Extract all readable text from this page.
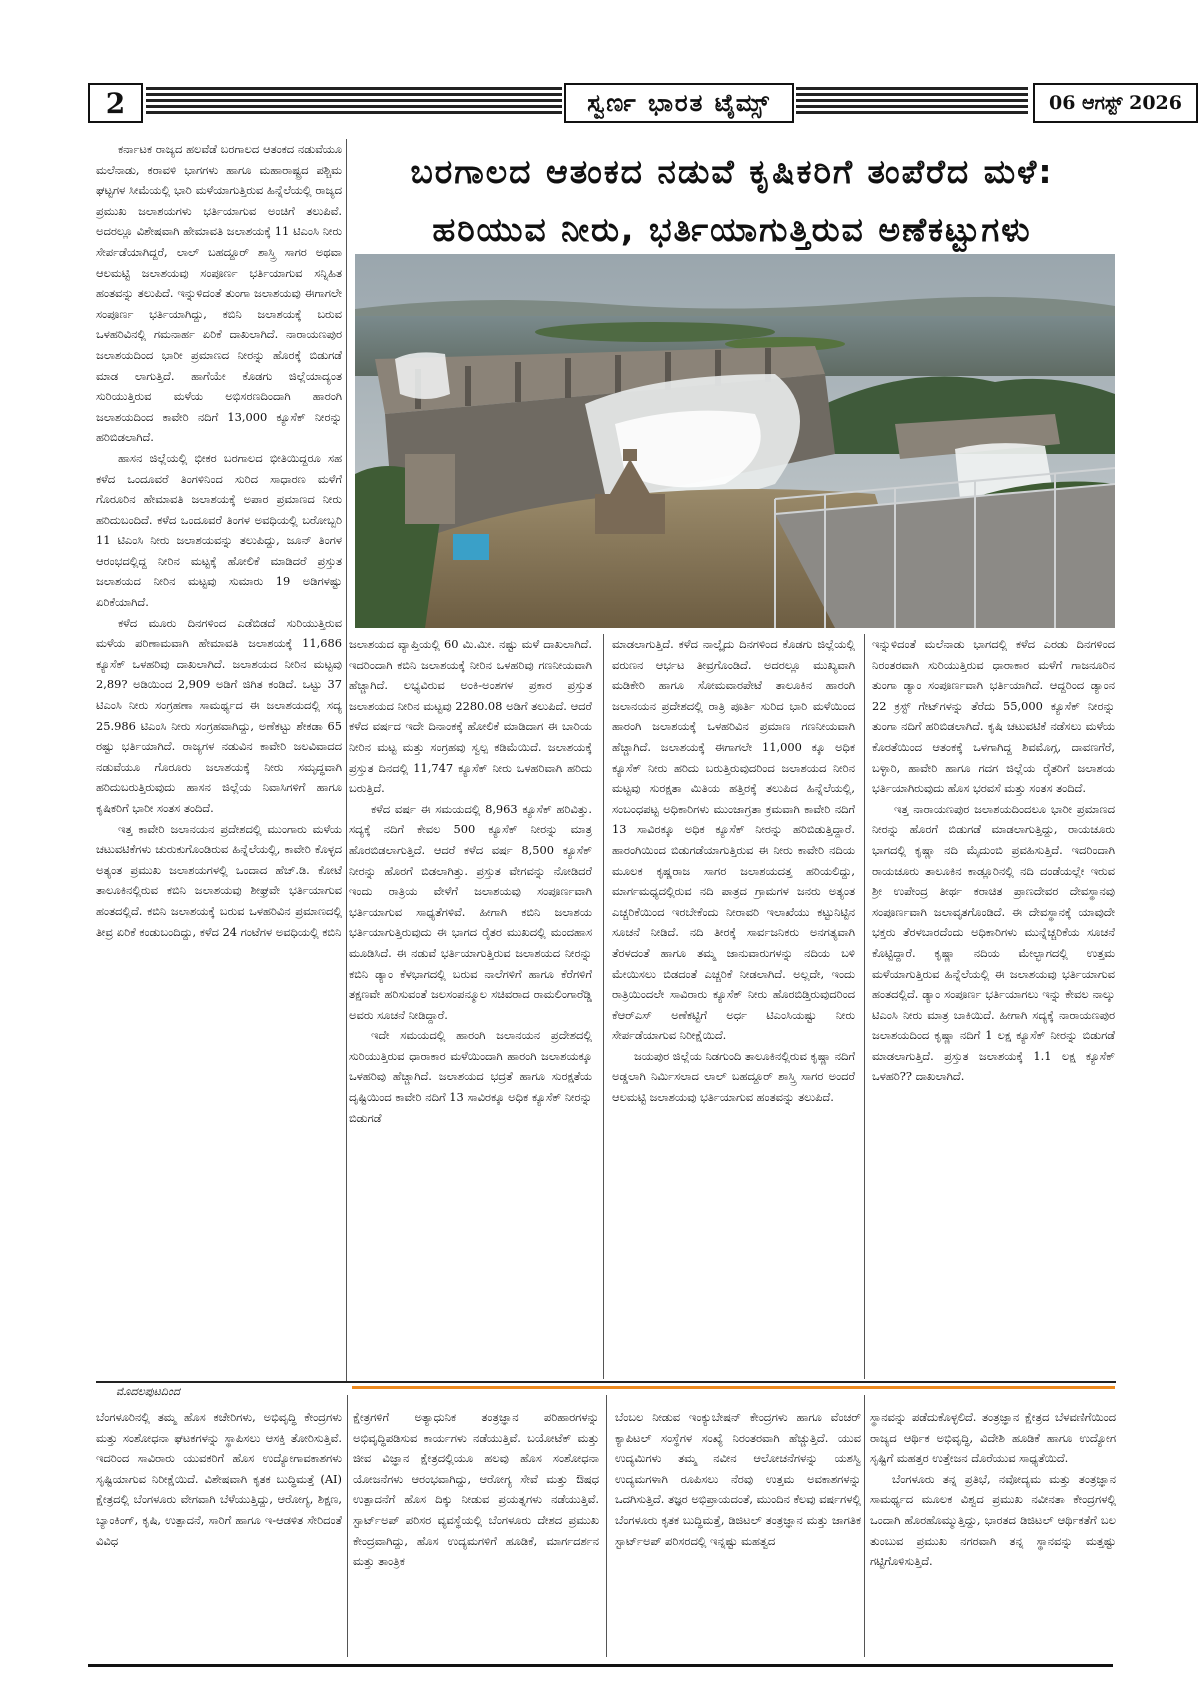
2	ಸ್ವರ್ಣ ಭಾರತ ಟೈಮ್ಸ್	06 ಆಗಸ್ಟ್ 2026
ಬರಗಾಲದ ಆತಂಕದ ನಡುವೆ ಕೃಷಿಕರಿಗೆ ತಂಪೆರೆದ ಮಳೆ:
ಹರಿಯುವ ನೀರು, ಭರ್ತಿಯಾಗುತ್ತಿರುವ ಅಣೆಕಟ್ಟುಗಳು

ಕರ್ನಾಟಕ ರಾಜ್ಯದ ಹಲವೆಡೆ ಬರಗಾಲದ ಆತಂಕದ ನಡುವೆಯೂ ಮಲೆನಾಡು, ಕರಾವಳಿ ಭಾಗಗಳು ಹಾಗೂ ಮಹಾರಾಷ್ಟ್ರದ ಪಶ್ಚಿಮ ಘಟ್ಟಗಳ ಸೀಮೆಯಲ್ಲಿ ಭಾರಿ ಮಳೆಯಾಗುತ್ತಿರುವ ಹಿನ್ನೆಲೆಯಲ್ಲಿ ರಾಜ್ಯದ ಪ್ರಮುಖ ಜಲಾಶಯಗಳು ಭರ್ತಿಯಾಗುವ ಅಂಚಿಗೆ ತಲುಪಿವೆ. ಅದರಲ್ಲೂ ವಿಶೇಷವಾಗಿ ಹೇಮಾವತಿ ಜಲಾಶಯಕ್ಕೆ 11 ಟಿಎಂಸಿ ನೀರು ಸೇರ್ಪಡೆಯಾಗಿದ್ದರೆ, ಲಾಲ್ ಬಹದ್ದೂರ್ ಶಾಸ್ತ್ರಿ ಸಾಗರ ಅಥವಾ ಆಲಮಟ್ಟಿ ಜಲಾಶಯವು ಸಂಪೂರ್ಣ ಭರ್ತಿಯಾಗುವ ಸನ್ನಿಹಿತ ಹಂತವನ್ನು ತಲುಪಿದೆ. ಇನ್ನುಳಿದಂತೆ ತುಂಗಾ ಜಲಾಶಯವು ಈಗಾಗಲೇ ಸಂಪೂರ್ಣ ಭರ್ತಿಯಾಗಿದ್ದು, ಕಬಿನಿ ಜಲಾಶಯಕ್ಕೆ ಬರುವ ಒಳಹರಿವಿನಲ್ಲಿ ಗಮನಾರ್ಹ ಏರಿಕೆ ದಾಖಲಾಗಿದೆ. ನಾರಾಯಣಪುರ ಜಲಾಶಯದಿಂದ ಭಾರೀ ಪ್ರಮಾಣದ ನೀರನ್ನು ಹೊರಕ್ಕೆ ಬಿಡುಗಡೆ ಮಾಡ ಲಾಗುತ್ತಿದೆ. ಹಾಗೆಯೇ ಕೊಡಗು ಜಿಲ್ಲೆಯಾದ್ಯಂತ ಸುರಿಯುತ್ತಿರುವ ಮಳೆಯ ಅಭಿಸರಣದಿಂದಾಗಿ ಹಾರಂಗಿ ಜಲಾಶಯದಿಂದ ಕಾವೇರಿ ನದಿಗೆ 13,000 ಕ್ಯೂಸೆಕ್ ನೀರನ್ನು ಹರಿಬಿಡಲಾಗಿದೆ.

ಹಾಸನ ಜಿಲ್ಲೆಯಲ್ಲಿ ಭೀಕರ ಬರಗಾಲದ ಭೀತಿಯಿದ್ದರೂ ಸಹ ಕಳೆದ ಒಂದೂವರೆ ತಿಂಗಳಿನಿಂದ ಸುರಿದ ಸಾಧಾರಣ ಮಳೆಗೆ ಗೊರೂರಿನ ಹೇಮಾವತಿ ಜಲಾಶಯಕ್ಕೆ ಅಪಾರ ಪ್ರಮಾಣದ ನೀರು ಹರಿದುಬಂದಿದೆ. ಕಳೆದ ಒಂದೂವರೆ ತಿಂಗಳ ಅವಧಿಯಲ್ಲಿ ಬರೋಬ್ಬರಿ 11 ಟಿಎಂಸಿ ನೀರು ಜಲಾಶಯವನ್ನು ತಲುಪಿದ್ದು, ಜೂನ್ ತಿಂಗಳ ಆರಂಭದಲ್ಲಿದ್ದ ನೀರಿನ ಮಟ್ಟಕ್ಕೆ ಹೋಲಿಕೆ ಮಾಡಿದರೆ ಪ್ರಸ್ತುತ ಜಲಾಶಯದ ನೀರಿನ ಮಟ್ಟವು ಸುಮಾರು 19 ಅಡಿಗಳಷ್ಟು ಏರಿಕೆಯಾಗಿದೆ.

ಕಳೆದ ಮೂರು ದಿನಗಳಿಂದ ಎಡೆಬಿಡದೆ ಸುರಿಯುತ್ತಿರುವ ಮಳೆಯ ಪರಿಣಾಮವಾಗಿ ಹೇಮಾವತಿ ಜಲಾಶಯಕ್ಕೆ 11,686 ಕ್ಯೂಸೆಕ್ ಒಳಹರಿವು ದಾಖಲಾಗಿದೆ. ಜಲಾಶಯದ ನೀರಿನ ಮಟ್ಟವು 2,89? ಅಡಿಯಿಂದ 2,909 ಅಡಿಗೆ ಜಿಗಿತ ಕಂಡಿದೆ. ಒಟ್ಟು 37 ಟಿಎಂಸಿ ನೀರು ಸಂಗ್ರಹಣಾ ಸಾಮರ್ಥ್ಯದ ಈ ಜಲಾಶಯದಲ್ಲಿ ಸದ್ಯ 25.986 ಟಿಎಂಸಿ ನೀರು ಸಂಗ್ರಹವಾಗಿದ್ದು, ಅಣೆಕಟ್ಟು ಶೇಕಡಾ 65 ರಷ್ಟು ಭರ್ತಿಯಾಗಿದೆ. ರಾಜ್ಯಗಳ ನಡುವಿನ ಕಾವೇರಿ ಜಲವಿವಾದದ ನಡುವೆಯೂ ಗೊರೂರು ಜಲಾಶಯಕ್ಕೆ ನೀರು ಸಮೃದ್ಧವಾಗಿ ಹರಿದುಬರುತ್ತಿರುವುದು ಹಾಸನ ಜಿಲ್ಲೆಯ ನಿವಾಸಿಗಳಿಗೆ ಹಾಗೂ ಕೃಷಿಕರಿಗೆ ಭಾರೀ ಸಂತಸ ತಂದಿದೆ.

ಇತ್ತ ಕಾವೇರಿ ಜಲಾನಯನ ಪ್ರದೇಶದಲ್ಲಿ ಮುಂಗಾರು ಮಳೆಯ ಚಟುವಟಿಕೆಗಳು ಚುರುಕುಗೊಂಡಿರುವ ಹಿನ್ನೆಲೆಯಲ್ಲಿ, ಕಾವೇರಿ ಕೊಳ್ಳದ ಅತ್ಯಂತ ಪ್ರಮುಖ ಜಲಾಶಯಗಳಲ್ಲಿ ಒಂದಾದ ಹೆಚ್.ಡಿ. ಕೋಟೆ ತಾಲೂಕಿನಲ್ಲಿರುವ ಕಬಿನಿ ಜಲಾಶಯವು ಶೀಘ್ರವೇ ಭರ್ತಿಯಾಗುವ ಹಂತದಲ್ಲಿದೆ. ಕಬಿನಿ ಜಲಾಶಯಕ್ಕೆ ಬರುವ ಒಳಹರಿವಿನ ಪ್ರಮಾಣದಲ್ಲಿ ತೀವ್ರ ಏರಿಕೆ ಕಂಡುಬಂದಿದ್ದು, ಕಳೆದ 24 ಗಂಟೆಗಳ ಅವಧಿಯಲ್ಲಿ ಕಬಿನಿ

ಜಲಾಶಯದ ವ್ಯಾಪ್ತಿಯಲ್ಲಿ 60 ಮಿ.ಮೀ. ನಷ್ಟು ಮಳೆ ದಾಖಲಾಗಿದೆ. ಇದರಿಂದಾಗಿ ಕಬಿನಿ ಜಲಾಶಯಕ್ಕೆ ನೀರಿನ ಒಳಹರಿವು ಗಣನೀಯವಾಗಿ ಹೆಚ್ಚಾಗಿದೆ. ಲಭ್ಯವಿರುವ ಅಂಕಿ-ಅಂಶಗಳ ಪ್ರಕಾರ ಪ್ರಸ್ತುತ ಜಲಾಶಯದ ನೀರಿನ ಮಟ್ಟವು 2280.08 ಅಡಿಗೆ ತಲುಪಿದೆ. ಆದರೆ ಕಳೆದ ವರ್ಷದ ಇದೇ ದಿನಾಂಕಕ್ಕೆ ಹೋಲಿಕೆ ಮಾಡಿದಾಗ ಈ ಬಾರಿಯ ನೀರಿನ ಮಟ್ಟ ಮತ್ತು ಸಂಗ್ರಹವು ಸ್ವಲ್ಪ ಕಡಿಮೆಯಿದೆ. ಜಲಾಶಯಕ್ಕೆ ಪ್ರಸ್ತುತ ದಿನದಲ್ಲಿ 11,747 ಕ್ಯೂಸೆಕ್ ನೀರು ಒಳಹರಿವಾಗಿ ಹರಿದು ಬರುತ್ತಿದೆ.

ಕಳೆದ ವರ್ಷ ಈ ಸಮಯದಲ್ಲಿ 8,963 ಕ್ಯೂಸೆಕ್ ಹರಿವಿತ್ತು. ಸದ್ಯಕ್ಕೆ ನದಿಗೆ ಕೇವಲ 500 ಕ್ಯೂಸೆಕ್ ನೀರನ್ನು ಮಾತ್ರ ಹೊರಬಿಡಲಾಗುತ್ತಿದೆ. ಆದರೆ ಕಳೆದ ವರ್ಷ 8,500 ಕ್ಯೂಸೆಕ್ ನೀರನ್ನು ಹೊರಗೆ ಬಿಡಲಾಗಿತ್ತು. ಪ್ರಸ್ತುತ ವೇಗವನ್ನು ನೋಡಿದರೆ ಇಂದು ರಾತ್ರಿಯ ವೇಳೆಗೆ ಜಲಾಶಯವು ಸಂಪೂರ್ಣವಾಗಿ ಭರ್ತಿಯಾಗುವ ಸಾಧ್ಯತೆಗಳಿವೆ. ಹೀಗಾಗಿ ಕಬಿನಿ ಜಲಾಶಯ ಭರ್ತಿಯಾಗುತ್ತಿರುವುದು ಈ ಭಾಗದ ರೈತರ ಮುಖದಲ್ಲಿ ಮಂದಹಾಸ ಮೂಡಿಸಿದೆ. ಈ ನಡುವೆ ಭರ್ತಿಯಾಗುತ್ತಿರುವ ಜಲಾಶಯದ ನೀರನ್ನು ಕಬಿನಿ ಡ್ಯಾಂ ಕೆಳಭಾಗದಲ್ಲಿ ಬರುವ ನಾಲೆಗಳಿಗೆ ಹಾಗೂ ಕೆರೆಗಳಿಗೆ ತಕ್ಷಣವೇ ಹರಿಸುವಂತೆ ಜಲಸಂಪನ್ಮೂಲ ಸಚಿವರಾದ ರಾಮಲಿಂಗಾರೆಡ್ಡಿ ಅವರು ಸೂಚನೆ ನೀಡಿದ್ದಾರೆ.

ಇದೇ ಸಮಯದಲ್ಲಿ ಹಾರಂಗಿ ಜಲಾನಯನ ಪ್ರದೇಶದಲ್ಲಿ ಸುರಿಯುತ್ತಿರುವ ಧಾರಾಕಾರ ಮಳೆಯಿಂದಾಗಿ ಹಾರಂಗಿ ಜಲಾಶಯಕ್ಕೂ ಒಳಹರಿವು ಹೆಚ್ಚಾಗಿದೆ. ಜಲಾಶಯದ ಭದ್ರತೆ ಹಾಗೂ ಸುರಕ್ಷತೆಯ ದೃಷ್ಟಿಯಿಂದ ಕಾವೇರಿ ನದಿಗೆ 13 ಸಾವಿರಕ್ಕೂ ಅಧಿಕ ಕ್ಯೂಸೆಕ್ ನೀರನ್ನು ಬಿಡುಗಡೆ

ಮಾಡಲಾಗುತ್ತಿದೆ. ಕಳೆದ ನಾಲ್ಕೈದು ದಿನಗಳಿಂದ ಕೊಡಗು ಜಿಲ್ಲೆಯಲ್ಲಿ ವರುಣನ ಆರ್ಭಟ ತೀವ್ರಗೊಂಡಿದೆ. ಅದರಲ್ಲೂ ಮುಖ್ಯವಾಗಿ ಮಡಿಕೇರಿ ಹಾಗೂ ಸೋಮವಾರಪೇಟೆ ತಾಲೂಕಿನ ಹಾರಂಗಿ ಜಲಾನಯನ ಪ್ರದೇಶದಲ್ಲಿ ರಾತ್ರಿ ಪೂರ್ತಿ ಸುರಿದ ಭಾರಿ ಮಳೆಯಿಂದ ಹಾರಂಗಿ ಜಲಾಶಯಕ್ಕೆ ಒಳಹರಿವಿನ ಪ್ರಮಾಣ ಗಣನೀಯವಾಗಿ ಹೆಚ್ಚಾಗಿದೆ. ಜಲಾಶಯಕ್ಕೆ ಈಗಾಗಲೇ 11,000 ಕ್ಕೂ ಅಧಿಕ ಕ್ಯೂಸೆಕ್ ನೀರು ಹರಿದು ಬರುತ್ತಿರುವುದರಿಂದ ಜಲಾಶಯದ ನೀರಿನ ಮಟ್ಟವು ಸುರಕ್ಷತಾ ಮಿತಿಯ ಹತ್ತಿರಕ್ಕೆ ತಲುಪಿದ ಹಿನ್ನೆಲೆಯಲ್ಲಿ, ಸಂಬಂಧಪಟ್ಟ ಅಧಿಕಾರಿಗಳು ಮುಂಜಾಗ್ರತಾ ಕ್ರಮವಾಗಿ ಕಾವೇರಿ ನದಿಗೆ 13 ಸಾವಿರಕ್ಕೂ ಅಧಿಕ ಕ್ಯೂಸೆಕ್ ನೀರನ್ನು ಹರಿಬಿಡುತ್ತಿದ್ದಾರೆ. ಹಾರಂಗಿಯಿಂದ ಬಿಡುಗಡೆಯಾಗುತ್ತಿರುವ ಈ ನೀರು ಕಾವೇರಿ ನದಿಯ ಮೂಲಕ ಕೃಷ್ಣರಾಜ ಸಾಗರ ಜಲಾಶಯದತ್ತ ಹರಿಯಲಿದ್ದು, ಮಾರ್ಗಮಧ್ಯದಲ್ಲಿರುವ ನದಿ ಪಾತ್ರದ ಗ್ರಾಮಗಳ ಜನರು ಅತ್ಯಂತ ಎಚ್ಚರಿಕೆಯಿಂದ ಇರಬೇಕೆಂದು ನೀರಾವರಿ ಇಲಾಖೆಯು ಕಟ್ಟುನಿಟ್ಟಿನ ಸೂಚನೆ ನೀಡಿದೆ. ನದಿ ತೀರಕ್ಕೆ ಸಾರ್ವಜನಿಕರು ಅನಗತ್ಯವಾಗಿ ತೆರಳದಂತೆ ಹಾಗೂ ತಮ್ಮ ಜಾನುವಾರುಗಳನ್ನು ನದಿಯ ಬಳಿ ಮೇಯಿಸಲು ಬಿಡದಂತೆ ಎಚ್ಚರಿಕೆ ನೀಡಲಾಗಿದೆ. ಅಲ್ಲದೇ, ಇಂದು ರಾತ್ರಿಯಿಂದಲೇ ಸಾವಿರಾರು ಕ್ಯೂಸೆಕ್ ನೀರು ಹೊರಬಿಡ್ತಿರುವುದರಿಂದ ಕೆಆರ್‌ಎಸ್ ಅಣೆಕಟ್ಟಿಗೆ ಅರ್ಧ ಟಿಎಂಸಿಯಷ್ಟು ನೀರು ಸೇರ್ಪಡೆಯಾಗುವ ನಿರೀಕ್ಷೆಯಿದೆ.

ಜಯಪುರ ಜಿಲ್ಲೆಯ ನಿಡಗುಂದಿ ತಾಲೂಕಿನಲ್ಲಿರುವ ಕೃಷ್ಣಾ ನದಿಗೆ ಅಡ್ಡಲಾಗಿ ನಿರ್ಮಿಸಲಾದ ಲಾಲ್ ಬಹದ್ದೂರ್ ಶಾಸ್ತ್ರಿ ಸಾಗರ ಅಂದರೆ ಆಲಮಟ್ಟಿ ಜಲಾಶಯವು ಭರ್ತಿಯಾಗುವ ಹಂತವನ್ನು ತಲುಪಿದೆ.

ಇನ್ನುಳಿದಂತೆ ಮಲೆನಾಡು ಭಾಗದಲ್ಲಿ ಕಳೆದ ಎರಡು ದಿನಗಳಿಂದ ನಿರಂತರವಾಗಿ ಸುರಿಯುತ್ತಿರುವ ಧಾರಾಕಾರ ಮಳೆಗೆ ಗಾಜನೂರಿನ ತುಂಗಾ ಡ್ಯಾಂ ಸಂಪೂರ್ಣವಾಗಿ ಭರ್ತಿಯಾಗಿದೆ. ಆದ್ದರಿಂದ ಡ್ಯಾಂನ 22 ಕ್ರಸ್ಟ್ ಗೇಟ್‌ಗಳನ್ನು ತೆರೆದು 55,000 ಕ್ಯೂಸೆಕ್ ನೀರನ್ನು ತುಂಗಾ ನದಿಗೆ ಹರಿಬಿಡಲಾಗಿದೆ. ಕೃಷಿ ಚಟುವಟಿಕೆ ನಡೆಸಲು ಮಳೆಯ ಕೊರತೆಯಿಂದ ಆತಂಕಕ್ಕೆ ಒಳಗಾಗಿದ್ದ ಶಿವಮೊಗ್ಗ, ದಾವಣಗೆರೆ, ಬಳ್ಳಾರಿ, ಹಾವೇರಿ ಹಾಗೂ ಗದಗ ಜಿಲ್ಲೆಯ ರೈತರಿಗೆ ಜಲಾಶಯ ಭರ್ತಿಯಾಗಿರುವುದು ಹೊಸ ಭರವಸೆ ಮತ್ತು ಸಂತಸ ತಂದಿದೆ.

ಇತ್ತ ನಾರಾಯಣಪುರ ಜಲಾಶಯದಿಂದಲೂ ಭಾರೀ ಪ್ರಮಾಣದ ನೀರನ್ನು ಹೊರಗೆ ಬಿಡುಗಡೆ ಮಾಡಲಾಗುತ್ತಿದ್ದು, ರಾಯಚೂರು ಭಾಗದಲ್ಲಿ ಕೃಷ್ಣಾ ನದಿ ಮೈದುಂಬಿ ಪ್ರವಹಿಸುತ್ತಿದೆ. ಇದರಿಂದಾಗಿ ರಾಯಚೂರು ತಾಲೂಕಿನ ಕಾಡ್ಲೂರಿನಲ್ಲಿ ನದಿ ದಂಡೆಯಲ್ಲೇ ಇರುವ ಶ್ರೀ ಉಪೇಂದ್ರ ತೀರ್ಥ ಕರಾಚಿತ ಪ್ರಾಣದೇವರ ದೇವಸ್ಥಾನವು ಸಂಪೂರ್ಣವಾಗಿ ಜಲಾವೃತಗೊಂಡಿದೆ. ಈ ದೇವಸ್ಥಾನಕ್ಕೆ ಯಾವುದೇ ಭಕ್ತರು ತೆರಳಬಾರದೆಂದು ಅಧಿಕಾರಿಗಳು ಮುನ್ನೆಚ್ಚರಿಕೆಯ ಸೂಚನೆ ಕೊಟ್ಟಿದ್ದಾರೆ. ಕೃಷ್ಣಾ ನದಿಯ ಮೇಲ್ಭಾಗದಲ್ಲಿ ಉತ್ತಮ ಮಳೆಯಾಗುತ್ತಿರುವ ಹಿನ್ನೆಲೆಯಲ್ಲಿ ಈ ಜಲಾಶಯವು ಭರ್ತಿಯಾಗುವ ಹಂತದಲ್ಲಿದೆ. ಡ್ಯಾಂ ಸಂಪೂರ್ಣ ಭರ್ತಿಯಾಗಲು ಇನ್ನು ಕೇವಲ ನಾಲ್ಕು ಟಿಎಂಸಿ ನೀರು ಮಾತ್ರ ಬಾಕಿಯಿದೆ. ಹೀಗಾಗಿ ಸದ್ಯಕ್ಕೆ ನಾರಾಯಣಪುರ ಜಲಾಶಯದಿಂದ ಕೃಷ್ಣಾ ನದಿಗೆ 1 ಲಕ್ಷ ಕ್ಯೂಸೆಕ್ ನೀರನ್ನು ಬಿಡುಗಡೆ ಮಾಡಲಾಗುತ್ತಿದೆ. ಪ್ರಸ್ತುತ ಜಲಾಶಯಕ್ಕೆ 1.1 ಲಕ್ಷ ಕ್ಯೂಸೆಕ್ ಒಳಹರಿ?? ದಾಖಲಾಗಿದೆ.

ಮೊದಲಪುಟದಿಂದ

ಬೆಂಗಳೂರಿನಲ್ಲಿ ತಮ್ಮ ಹೊಸ ಕಚೇರಿಗಳು, ಅಭಿವೃದ್ಧಿ ಕೇಂದ್ರಗಳು ಮತ್ತು ಸಂಶೋಧನಾ ಘಟಕಗಳನ್ನು ಸ್ಥಾಪಿಸಲು ಆಸಕ್ತಿ ತೋರಿಸುತ್ತಿವೆ. ಇದರಿಂದ ಸಾವಿರಾರು ಯುವಕರಿಗೆ ಹೊಸ ಉದ್ಯೋಗಾವಕಾಶಗಳು ಸೃಷ್ಟಿಯಾಗುವ ನಿರೀಕ್ಷೆಯಿದೆ. ವಿಶೇಷವಾಗಿ ಕೃತಕ ಬುದ್ಧಿಮತ್ತೆ (AI) ಕ್ಷೇತ್ರದಲ್ಲಿ ಬೆಂಗಳೂರು ವೇಗವಾಗಿ ಬೆಳೆಯುತ್ತಿದ್ದು, ಆರೋಗ್ಯ, ಶಿಕ್ಷಣ, ಬ್ಯಾಂಕಿಂಗ್, ಕೃಷಿ, ಉತ್ಪಾದನೆ, ಸಾರಿಗೆ ಹಾಗೂ ಇ-ಆಡಳಿತ ಸೇರಿದಂತೆ ವಿವಿಧ

ಕ್ಷೇತ್ರಗಳಿಗೆ ಅತ್ಯಾಧುನಿಕ ತಂತ್ರಜ್ಞಾನ ಪರಿಹಾರಗಳನ್ನು ಅಭಿವೃದ್ಧಿಪಡಿಸುವ ಕಾರ್ಯಗಳು ನಡೆಯುತ್ತಿವೆ. ಬಯೋಟೆಕ್ ಮತ್ತು ಜೀವ ವಿಜ್ಞಾನ ಕ್ಷೇತ್ರದಲ್ಲಿಯೂ ಹಲವು ಹೊಸ ಸಂಶೋಧನಾ ಯೋಜನೆಗಳು ಆರಂಭವಾಗಿದ್ದು, ಆರೋಗ್ಯ ಸೇವೆ ಮತ್ತು ಔಷಧ ಉತ್ಪಾದನೆಗೆ ಹೊಸ ದಿಕ್ಕು ನೀಡುವ ಪ್ರಯತ್ನಗಳು ನಡೆಯುತ್ತಿವೆ. ಸ್ಟಾರ್ಟ್‌ಅಪ್ ಪರಿಸರ ವ್ಯವಸ್ಥೆಯಲ್ಲಿ ಬೆಂಗಳೂರು ದೇಶದ ಪ್ರಮುಖ ಕೇಂದ್ರವಾಗಿದ್ದು, ಹೊಸ ಉದ್ಯಮಗಳಿಗೆ ಹೂಡಿಕೆ, ಮಾರ್ಗದರ್ಶನ ಮತ್ತು ತಾಂತ್ರಿಕ

ಬೆಂಬಲ ನೀಡುವ ಇಂಕ್ಯುಬೇಷನ್ ಕೇಂದ್ರಗಳು ಹಾಗೂ ವೆಂಚರ್ ಕ್ಯಾಪಿಟಲ್ ಸಂಸ್ಥೆಗಳ ಸಂಖ್ಯೆ ನಿರಂತರವಾಗಿ ಹೆಚ್ಚುತ್ತಿದೆ. ಯುವ ಉದ್ಯಮಿಗಳು ತಮ್ಮ ನವೀನ ಆಲೋಚನೆಗಳನ್ನು ಯಶಸ್ವಿ ಉದ್ಯಮಗಳಾಗಿ ರೂಪಿಸಲು ನೆರವು ಉತ್ತಮ ಅವಕಾಶಗಳನ್ನು ಒದಗಿಸುತ್ತಿದೆ. ತಜ್ಞರ ಅಭಿಪ್ರಾಯದಂತೆ, ಮುಂದಿನ ಕೆಲವು ವರ್ಷಗಳಲ್ಲಿ ಬೆಂಗಳೂರು ಕೃತಕ ಬುದ್ಧಿಮತ್ತೆ, ಡಿಜಿಟಲ್ ತಂತ್ರಜ್ಞಾನ ಮತ್ತು ಜಾಗತಿಕ ಸ್ಟಾರ್ಟ್‌ಅಪ್ ಪರಿಸರದಲ್ಲಿ ಇನ್ನಷ್ಟು ಮಹತ್ವದ

ಸ್ಥಾನವನ್ನು ಪಡೆದುಕೊಳ್ಳಲಿದೆ. ತಂತ್ರಜ್ಞಾನ ಕ್ಷೇತ್ರದ ಬೆಳವಣಿಗೆಯಿಂದ ರಾಜ್ಯದ ಆರ್ಥಿಕ ಅಭಿವೃದ್ಧಿ, ವಿದೇಶಿ ಹೂಡಿಕೆ ಹಾಗೂ ಉದ್ಯೋಗ ಸೃಷ್ಟಿಗೆ ಮಹತ್ತರ ಉತ್ತೇಜನ ದೊರೆಯುವ ಸಾಧ್ಯತೆಯಿದೆ.

ಬೆಂಗಳೂರು ತನ್ನ ಪ್ರತಿಭೆ, ನವೋದ್ಯಮ ಮತ್ತು ತಂತ್ರಜ್ಞಾನ ಸಾಮರ್ಥ್ಯದ ಮೂಲಕ ವಿಶ್ವದ ಪ್ರಮುಖ ನವೀನತಾ ಕೇಂದ್ರಗಳಲ್ಲಿ ಒಂದಾಗಿ ಹೊರಹೊಮ್ಮುತ್ತಿದ್ದು, ಭಾರತದ ಡಿಜಿಟಲ್ ಆರ್ಥಿಕತೆಗೆ ಬಲ ತುಂಬುವ ಪ್ರಮುಖ ನಗರವಾಗಿ ತನ್ನ ಸ್ಥಾನವನ್ನು ಮತ್ತಷ್ಟು ಗಟ್ಟಿಗೊಳಿಸುತ್ತಿದೆ.
